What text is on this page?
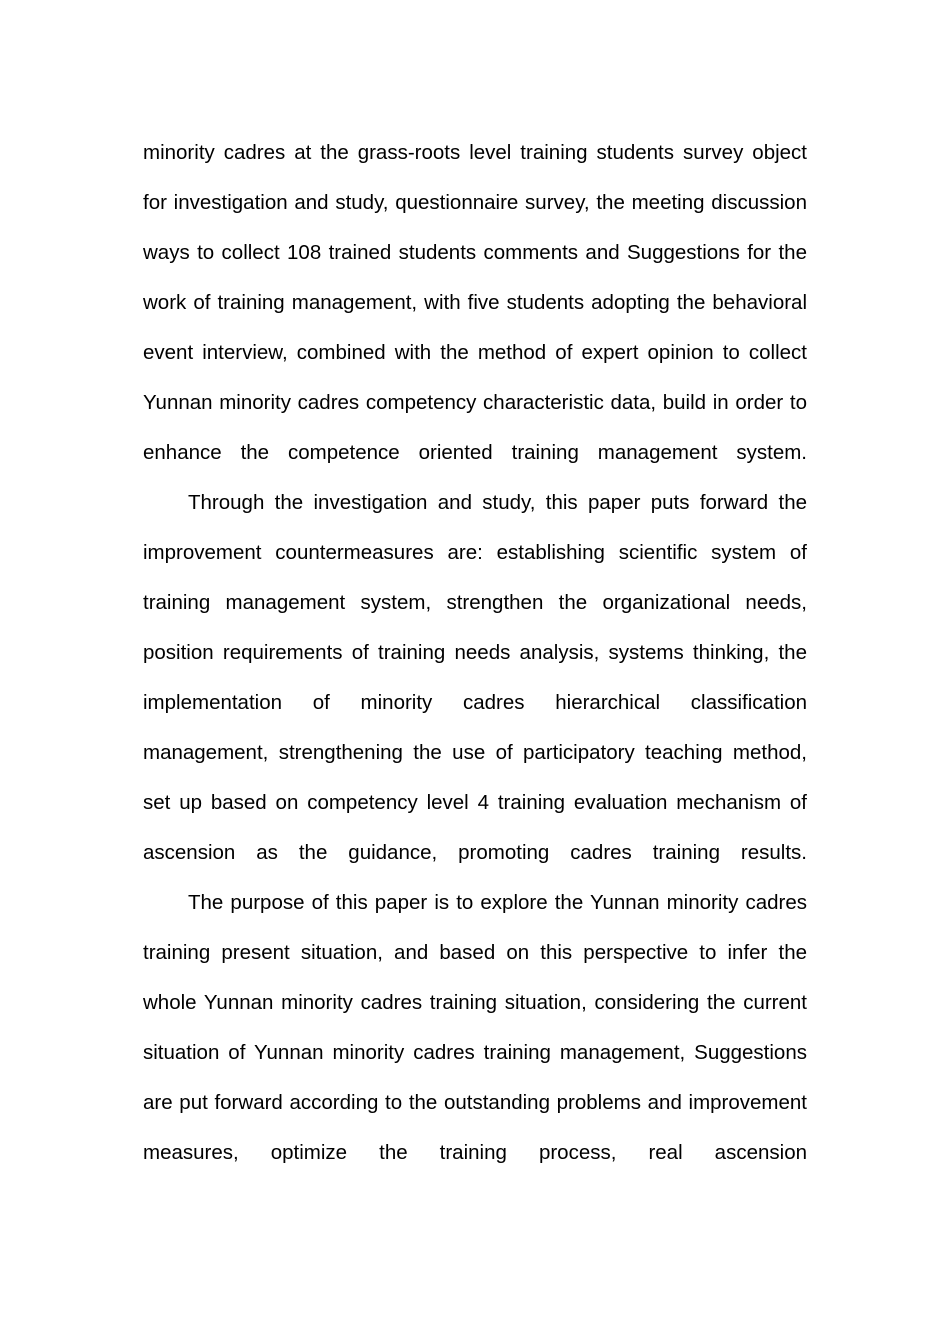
minority cadres at the grass-roots level training students survey object for investigation and study, questionnaire survey, the meeting discussion ways to collect 108 trained students comments and Suggestions for the work of training management, with five students adopting the behavioral event interview, combined with the method of expert opinion to collect Yunnan minority cadres competency characteristic data, build in order to enhance the competence oriented training management system.

Through the investigation and study, this paper puts forward the improvement countermeasures are: establishing scientific system of training management system, strengthen the organizational needs, position requirements of training needs analysis, systems thinking, the implementation of minority cadres hierarchical classification management, strengthening the use of participatory teaching method, set up based on competency level 4 training evaluation mechanism of ascension as the guidance, promoting cadres training results.

The purpose of this paper is to explore the Yunnan minority cadres training present situation, and based on this perspective to infer the whole Yunnan minority cadres training situation, considering the current situation of Yunnan minority cadres training management, Suggestions are put forward according to the outstanding problems and improvement measures, optimize the training process, real ascension
